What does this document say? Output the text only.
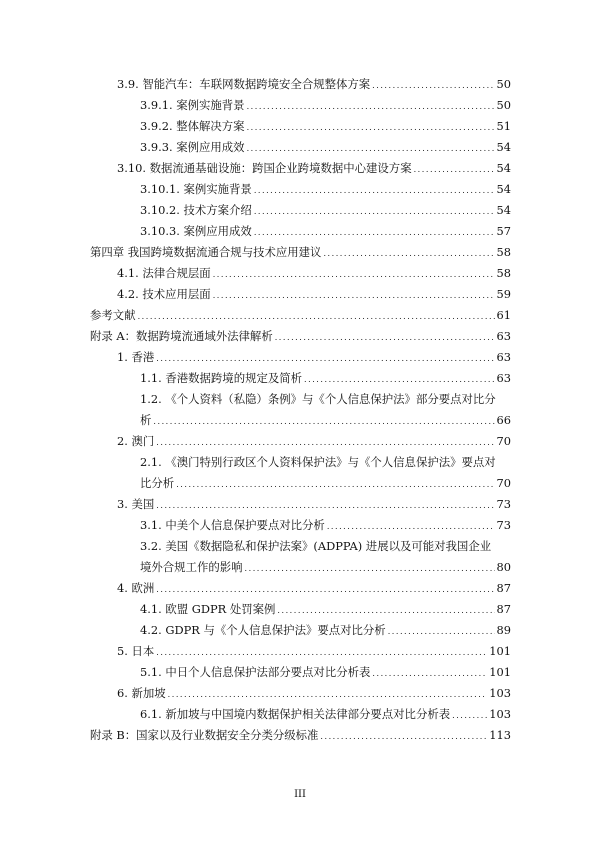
3.9. 智能汽车：车联网数据跨境安全合规整体方案 . . .	50
3.9.1. 案例实施背景 . . .	50
3.9.2. 整体解决方案 . . .	51
3.9.3. 案例应用成效 . . .	54
3.10. 数据流通基础设施：跨国企业跨境数据中心建设方案 . . .	54
3.10.1. 案例实施背景 . . .	54
3.10.2. 技术方案介绍 . . .	54
3.10.3. 案例应用成效 . . .	57
第四章 我国跨境数据流通合规与技术应用建议 . . .	58
4.1. 法律合规层面 . . .	58
4.2. 技术应用层面 . . .	59
参考文献 . . .	61
附录 A：数据跨境流通域外法律解析 . . .	63
1. 香港 . . .	63
1.1. 香港数据跨境的规定及简析 . . .	63
1.2. 《个人资料（私隐）条例》与《个人信息保护法》部分要点对比分
析 . . .	66
2. 澳门 . . .	70
2.1. 《澳门特别行政区个人资料保护法》与《个人信息保护法》要点对
比分析 . . .	70
3. 美国 . . .	73
3.1. 中美个人信息保护要点对比分析 . . .	73
3.2. 美国《数据隐私和保护法案》(ADPPA) 进展以及可能对我国企业
境外合规工作的影响 . . .	80
4. 欧洲 . . .	87
4.1. 欧盟 GDPR 处罚案例 . . .	87
4.2. GDPR 与《个人信息保护法》要点对比分析 . . .	89
5. 日本 . . .	101
5.1. 中日个人信息保护法部分要点对比分析表 . . .	101
6. 新加坡 . . .	103
6.1. 新加坡与中国境内数据保护相关法律部分要点对比分析表 . . .	103
附录 B：国家以及行业数据安全分类分级标准 . . .	113
III
